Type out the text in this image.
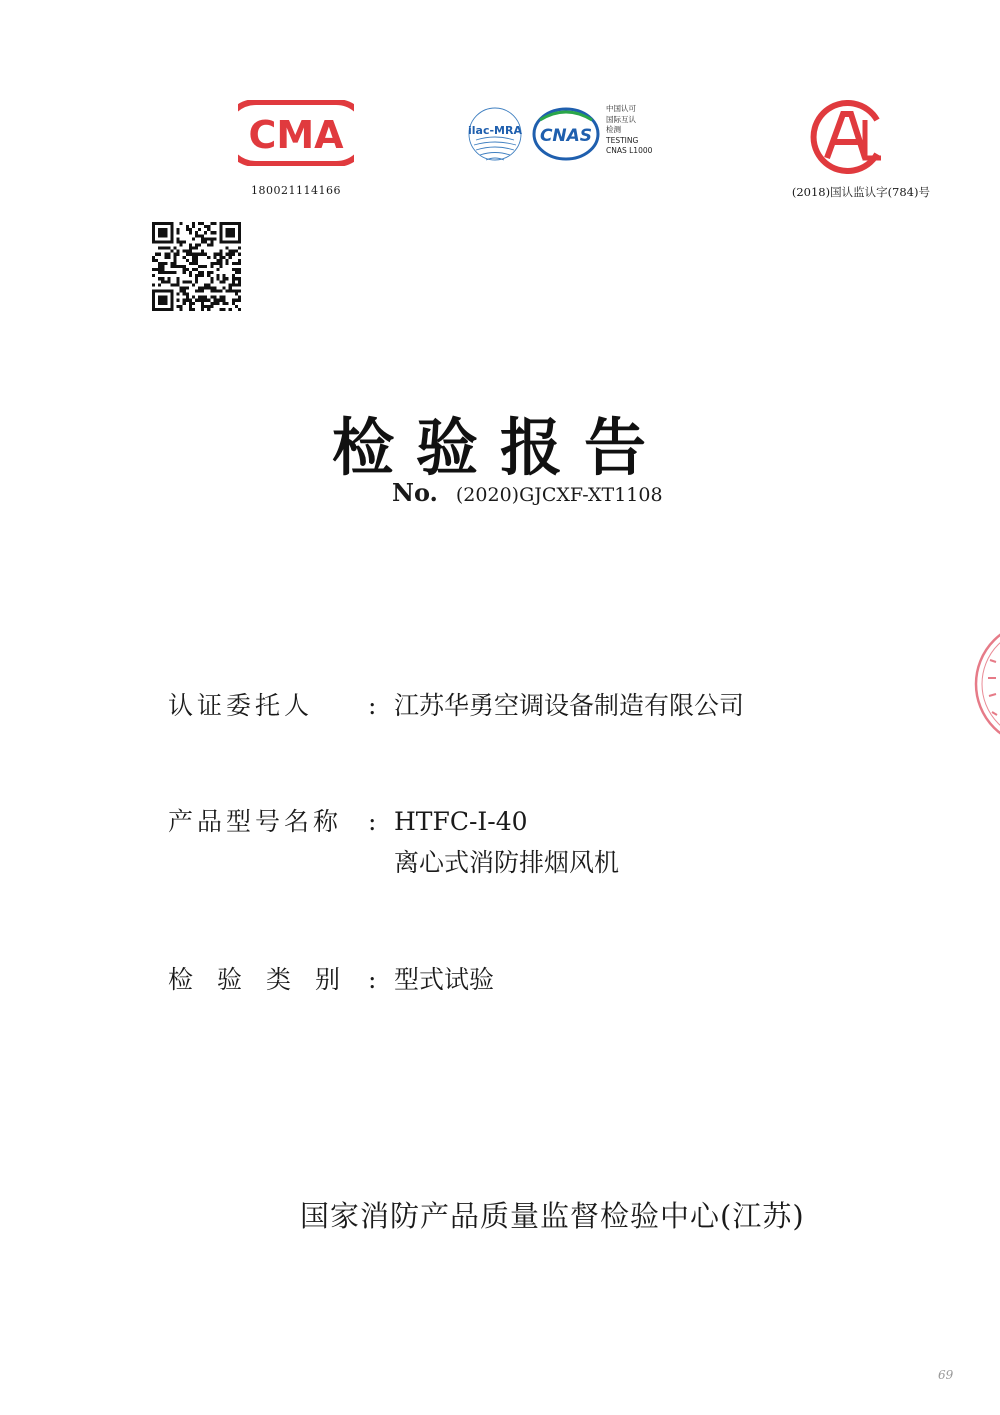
CMA
180021114166
ilac-MRA CNAS
中国认可
国际互认
检测
TESTING
CNAS L1000
CAL
(2018)国认监认字(784)号
检验报告
No. (2020)GJCXF-XT1108
认证委托人 : 江苏华勇空调设备制造有限公司
产品型号名称 : HTFC-Ⅰ-40
离心式消防排烟风机
检验类别 : 型式试验
国家消防产品质量监督检验中心(江苏)
69
